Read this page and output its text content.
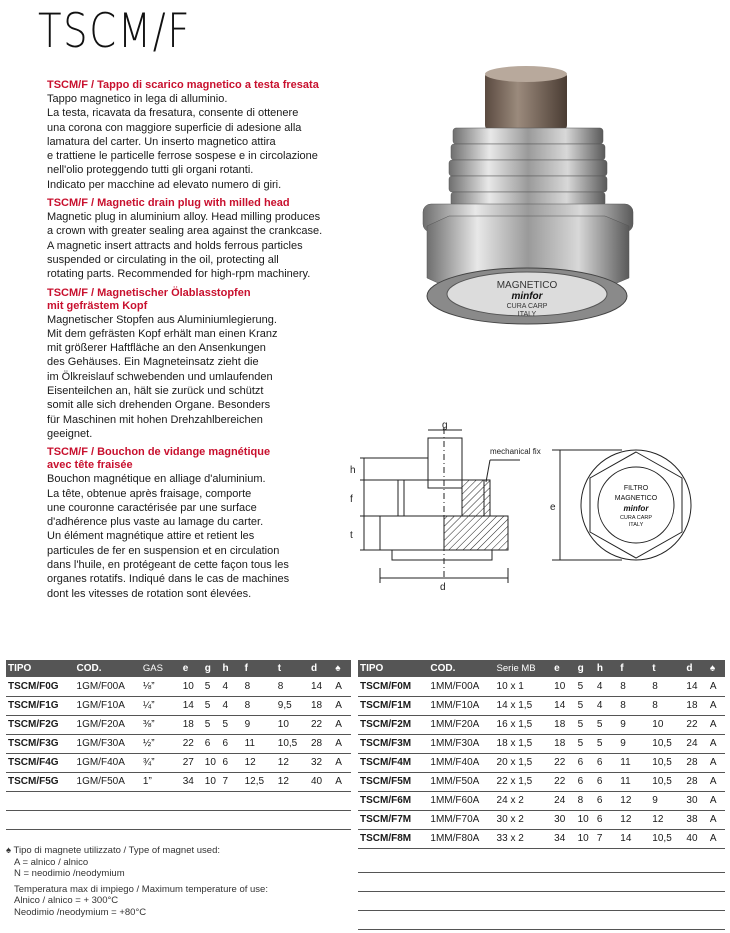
TSCM/F
TSCM/F / Tappo di scarico magnetico a testa fresata
Tappo magnetico in lega di alluminio.
La testa, ricavata da fresatura, consente di ottenere
una corona con maggiore superficie di adesione alla
lamatura del carter. Un inserto magnetico attira
e trattiene le particelle ferrose sospese e in circolazione
nell'olio proteggendo tutti gli organi rotanti.
Indicato per macchine ad elevato numero di giri.
TSCM/F / Magnetic drain plug with milled head
Magnetic plug in aluminium alloy. Head milling produces
a crown with greater sealing area against the crankcase.
A magnetic insert attracts and holds ferrous particles
suspended or circulating in the oil, protecting all
rotating parts. Recommended for high-rpm machinery.
TSCM/F / Magnetischer Ölablasstopfen
mit gefrästem Kopf
Magnetischer Stopfen aus Aluminiumlegierung.
Mit dem gefrästen Kopf erhält man einen Kranz
mit größerer Haftfläche an den Ansenkungen
des Gehäuses. Ein Magneteinsatz zieht die
im Ölkreislauf schwebenden und umlaufenden
Eisenteilchen an, hält sie zurück und schützt
somit alle sich drehenden Organe. Besonders
für Maschinen mit hohen Drehzahlbereichen
geeignet.
TSCM/F / Bouchon de vidange magnétique
avec tête fraisée
Bouchon magnétique en alliage d'aluminium.
La tête, obtenue après fraisage, comporte
une couronne caractérisée par une surface
d'adhérence plus vaste au lamage du carter.
Un élément magnétique attire et retient les
particules de fer en suspension et en circulation
dans l'huile, en protégeant de cette façon tous les
organes rotatifs. Indiqué dans le cas de machines
dont les vitesses de rotation sont élevées.
MAGNETICO
minfor
CURA CARP
ITALY
g
h
f
t
d
mechanical fix
e
FILTRO
MAGNETICO
minfor
CURA CARP
ITALY
TIPO	COD.	GAS	e	g	h	f	t	d	♠
TSCM/F0G	1GM/F00A	⅛”	10	5	4	8	8	14	A
TSCM/F1G	1GM/F10A	¼”	14	5	4	8	9,5	18	A
TSCM/F2G	1GM/F20A	⅜”	18	5	5	9	10	22	A
TSCM/F3G	1GM/F30A	½”	22	6	6	11	10,5	28	A
TSCM/F4G	1GM/F40A	¾”	27	10	6	12	12	32	A
TSCM/F5G	1GM/F50A	1”	34	10	7	12,5	12	40	A

TIPO	COD.	Serie MB	e	g	h	f	t	d	♠
TSCM/F0M	1MM/F00A	10 x 1	10	5	4	8	8	14	A
TSCM/F1M	1MM/F10A	14 x 1,5	14	5	4	8	8	18	A
TSCM/F2M	1MM/F20A	16 x 1,5	18	5	5	9	10	22	A
TSCM/F3M	1MM/F30A	18 x 1,5	18	5	5	9	10,5	24	A
TSCM/F4M	1MM/F40A	20 x 1,5	22	6	6	11	10,5	28	A
TSCM/F5M	1MM/F50A	22 x 1,5	22	6	6	11	10,5	28	A
TSCM/F6M	1MM/F60A	24 x 2	24	8	6	12	9	30	A
TSCM/F7M	1MM/F70A	30 x 2	30	10	6	12	12	38	A
TSCM/F8M	1MM/F80A	33 x 2	34	10	7	14	10,5	40	A
♠ Tipo di magnete utilizzato / Type of magnet used:
A = alnico / alnico
N = neodimio /neodymium
Temperatura max di impiego / Maximum temperature of use:
Alnico / alnico = + 300°C
Neodimio /neodymium = +80°C
